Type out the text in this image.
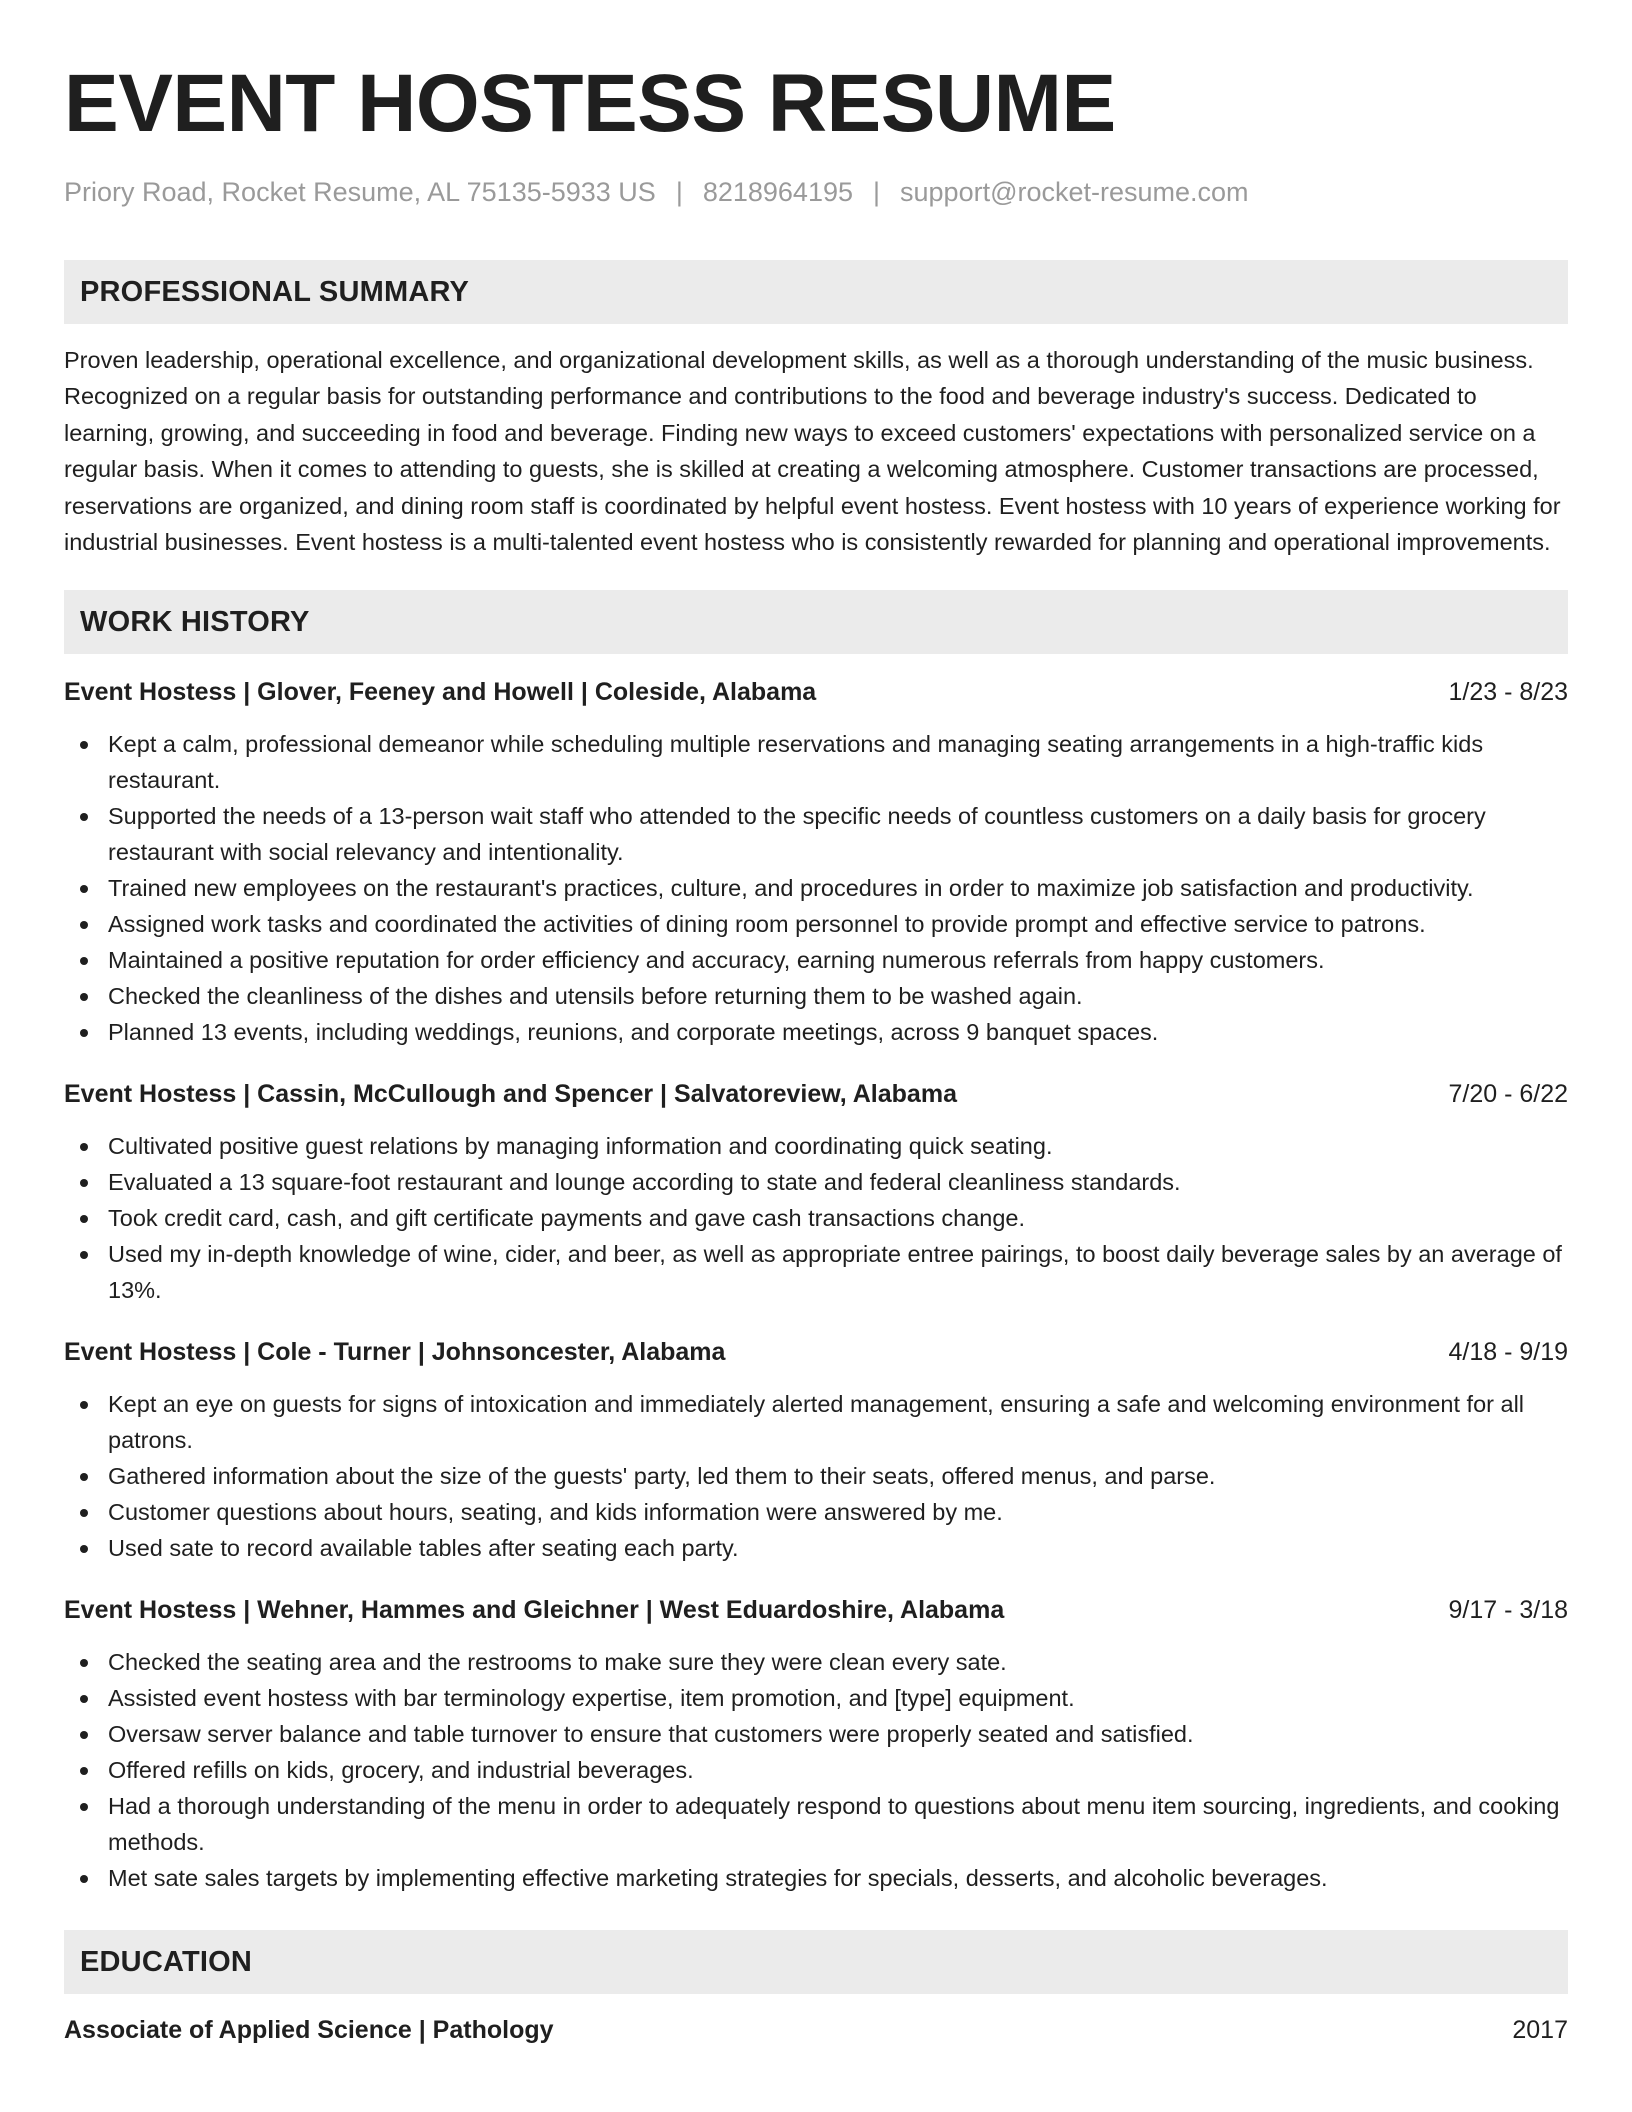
EVENT HOSTESS RESUME
Priory Road, Rocket Resume, AL 75135-5933 US | 8218964195 | support@rocket-resume.com
PROFESSIONAL SUMMARY
Proven leadership, operational excellence, and organizational development skills, as well as a thorough understanding of the music business. Recognized on a regular basis for outstanding performance and contributions to the food and beverage industry's success. Dedicated to learning, growing, and succeeding in food and beverage. Finding new ways to exceed customers' expectations with personalized service on a regular basis. When it comes to attending to guests, she is skilled at creating a welcoming atmosphere. Customer transactions are processed, reservations are organized, and dining room staff is coordinated by helpful event hostess. Event hostess with 10 years of experience working for industrial businesses. Event hostess is a multi-talented event hostess who is consistently rewarded for planning and operational improvements.
WORK HISTORY
Event Hostess | Glover, Feeney and Howell | Coleside, Alabama	1/23 - 8/23
Kept a calm, professional demeanor while scheduling multiple reservations and managing seating arrangements in a high-traffic kids restaurant.
Supported the needs of a 13-person wait staff who attended to the specific needs of countless customers on a daily basis for grocery restaurant with social relevancy and intentionality.
Trained new employees on the restaurant's practices, culture, and procedures in order to maximize job satisfaction and productivity.
Assigned work tasks and coordinated the activities of dining room personnel to provide prompt and effective service to patrons.
Maintained a positive reputation for order efficiency and accuracy, earning numerous referrals from happy customers.
Checked the cleanliness of the dishes and utensils before returning them to be washed again.
Planned 13 events, including weddings, reunions, and corporate meetings, across 9 banquet spaces.
Event Hostess | Cassin, McCullough and Spencer | Salvatoreview, Alabama	7/20 - 6/22
Cultivated positive guest relations by managing information and coordinating quick seating.
Evaluated a 13 square-foot restaurant and lounge according to state and federal cleanliness standards.
Took credit card, cash, and gift certificate payments and gave cash transactions change.
Used my in-depth knowledge of wine, cider, and beer, as well as appropriate entree pairings, to boost daily beverage sales by an average of 13%.
Event Hostess | Cole - Turner | Johnsoncester, Alabama	4/18 - 9/19
Kept an eye on guests for signs of intoxication and immediately alerted management, ensuring a safe and welcoming environment for all patrons.
Gathered information about the size of the guests' party, led them to their seats, offered menus, and parse.
Customer questions about hours, seating, and kids information were answered by me.
Used sate to record available tables after seating each party.
Event Hostess | Wehner, Hammes and Gleichner | West Eduardoshire, Alabama	9/17 - 3/18
Checked the seating area and the restrooms to make sure they were clean every sate.
Assisted event hostess with bar terminology expertise, item promotion, and [type] equipment.
Oversaw server balance and table turnover to ensure that customers were properly seated and satisfied.
Offered refills on kids, grocery, and industrial beverages.
Had a thorough understanding of the menu in order to adequately respond to questions about menu item sourcing, ingredients, and cooking methods.
Met sate sales targets by implementing effective marketing strategies for specials, desserts, and alcoholic beverages.
EDUCATION
Associate of Applied Science | Pathology	2017
